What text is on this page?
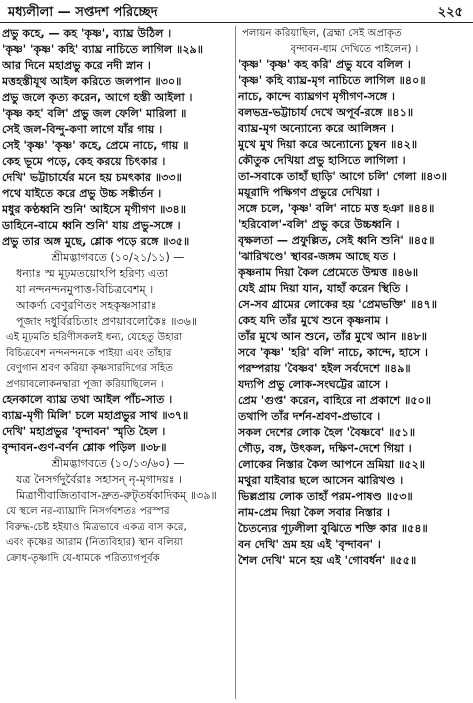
মধ্যলীলা — সপ্তদশ পরিচ্ছেদ	২২৫
প্রভু কহে, — কহ 'কৃষ্ণ', ব্যাঘ্র উঠিল ।
'কৃষ্ণ' 'কৃষ্ণ' কহি' ব্যাঘ্র নাচিতে লাগিল ॥২৯॥
আর দিনে মহাপ্রভু করে নদী স্নান ।
মত্তহস্তীযূথ আইল করিতে জলপান ॥৩০॥
প্রভু জলে কৃত্য করেন, আগে হস্তী আইলা ।
'কৃষ্ণ কহ' বলি' প্রভু জল ফেলি' মারিলা ॥
সেই জল-বিন্দু-কণা লাগে যাঁর গায় ।
সেই 'কৃষ্ণ' 'কৃষ্ণ' কহে, প্রেমে নাচে, গায় ॥
কেহ ভূমে পড়ে, কেহ করয়ে চিৎকার ।
দেখি' ভট্টাচার্যের মনে হয় চমৎকার ॥৩৩॥
পথে যাইতে করে প্রভু উচ্চ সঙ্কীর্তন ।
মধুর কণ্ঠধ্বনি শুনি' আইসে মৃগীগণ ॥৩৪॥
ডাহিনে-বামে ধ্বনি শুনি' যায় প্রভু-সঙ্গে ।
প্রভু তার অঙ্গ মুছে, শ্লোক পড়ে রঙ্গে ॥৩৫॥
শ্রীমদ্ভাগবতে (১০/২১/১১) —
ধন্যাঃ স্ম মূঢ়মতয়োঽপি হরিণ্য এতা
যা নন্দনন্দনমুপাত্ত-বিচিত্রবেশম্ ।
আকর্ণ্য বেণুরণিতং সহকৃষ্ণসারাঃ
পূজাং দধুর্বিরচিতাং প্রণয়াবলোকৈঃ ॥৩৬॥
এই মূঢ়মতি হরিণীসকলই ধন্য, যেহেতু উহারা
বিচিত্রবেশ নন্দনন্দনকে পাইয়া এবং তাঁহার
বেণুগান শ্রবণ করিয়া কৃষ্ণসারদিগের সহিত
প্রণয়াবলোকনদ্বারা পূজা করিয়াছিলেন ।
হেনকালে ব্যাঘ্র তথা আইল পাঁচ-সাত ।
ব্যাঘ্র-মৃগী মিলি' চলে মহাপ্রভুর সাথ ॥৩৭॥
দেখি' মহাপ্রভুর 'বৃন্দাবন' স্মৃতি হৈল ।
বৃন্দাবন-গুণ-বর্ণন শ্লোক পড়িল ॥৩৮॥
শ্রীমদ্ভাগবতে (১০/১৩/৬০) —
যত্র নৈসর্গদুর্বৈরাঃ সহাসন্ নৃ-মৃগাদয়ঃ ।
মিত্রাণীবাজিতাবাস-দ্রুত-রুট্‌তর্ষকাদিকম্ ॥৩৯॥
যে স্থলে নর-ব্যাঘ্রাদি নিসর্গবশতঃ পরস্পর
বিরুদ্ধ-চেষ্ট হইয়াও মিত্রভাবে একত্র বাস করে,
এবং কৃষ্ণের আরাম (নিত্যবিহার) স্থান বলিয়া
ক্রোধ-তৃষ্ণাদি যে-ধামকে পরিত্যাগপূর্বক
পলায়ন করিয়াছিল, (ব্রহ্মা সেই অপ্রাকৃত
বৃন্দাবন-ধাম দেখিতে পাইলেন) ।
'কৃষ্ণ' 'কৃষ্ণ' কহ করি' প্রভু যবে বলিল ।
'কৃষ্ণ' কহি ব্যাঘ্র-মৃগ নাচিতে লাগিল ॥৪০॥
নাচে, কান্দে ব্যাঘ্রগণ মৃগীগণ-সঙ্গে ।
বলভদ্র-ভট্টাচার্য দেখে অপূর্ব-রঙ্গে ॥৪১॥
ব্যাঘ্র-মৃগ অন্যোন্যে করে আলিঙ্গন ।
মুখে মুখ দিয়া করে অন্যোন্যে চুম্বন ॥৪২॥
কৌতুক দেখিয়া প্রভু হাসিতে লাগিলা ।
তা-সবাকে তাহাঁ ছাড়ি' আগে চলি' গেলা ॥৪৩॥
ময়ূরাদি পক্ষিগণ প্রভুরে দেখিয়া ।
সঙ্গে চলে, 'কৃষ্ণ' বলি' নাচে মত্ত হঞা ॥৪৪॥
'হরিবোল'-বলি' প্রভু করে উচ্চধ্বনি ।
বৃক্ষলতা — প্রফুল্লিত, সেই ধ্বনি শুনি' ॥৪৫॥
'ঝারিখণ্ডে' স্থাবর-জঙ্গম আছে যত ।
কৃষ্ণনাম দিয়া কৈল প্রেমেতে উন্মত্ত ॥৪৬॥
যেই গ্রাম দিয়া যান, যাহাঁ করেন স্থিতি ।
সে-সব গ্রামের লোকের হয় 'প্রেমভক্তি' ॥৪৭॥
কেহ যদি তাঁর মুখে শুনে কৃষ্ণনাম ।
তাঁর মুখে আন শুনে, তাঁর মুখে আন ॥৪৮॥
সবে 'কৃষ্ণ' 'হরি' বলি' নাচে, কান্দে, হাসে ।
পরম্পরায় 'বৈষ্ণব' হইল সর্বদেশে ॥৪৯॥
যদ্যপি প্রভু লোক-সংঘট্টের ত্রাসে ।
প্রেম 'গুপ্ত' করেন, বাহিরে না প্রকাশে ॥৫০॥
তথাপি তাঁর দর্শন-শ্রবণ-প্রভাবে ।
সকল দেশের লোক হৈল 'বৈষ্ণবে' ॥৫১॥
গৌড়, বঙ্গ, উৎকল, দক্ষিণ-দেশে গিয়া ।
লোকের নিস্তার কৈল আপনে ভ্রমিয়া ॥৫২॥
মথুরা যাইবার ছলে আসেন ঝারিখণ্ড ।
ভিল্লপ্রায় লোক তাহাঁ পরম-পাষণ্ড ॥৫৩॥
নাম-প্রেম দিয়া কৈল সবার নিস্তার ।
চৈতন্যের গূঢ়লীলা বুঝিতে শক্তি কার ॥৫৪॥
বন দেখি' ভ্রম হয় এই 'বৃন্দাবন' ।
শৈল দেখি' মনে হয় এই 'গোবর্ধন' ॥৫৫॥
